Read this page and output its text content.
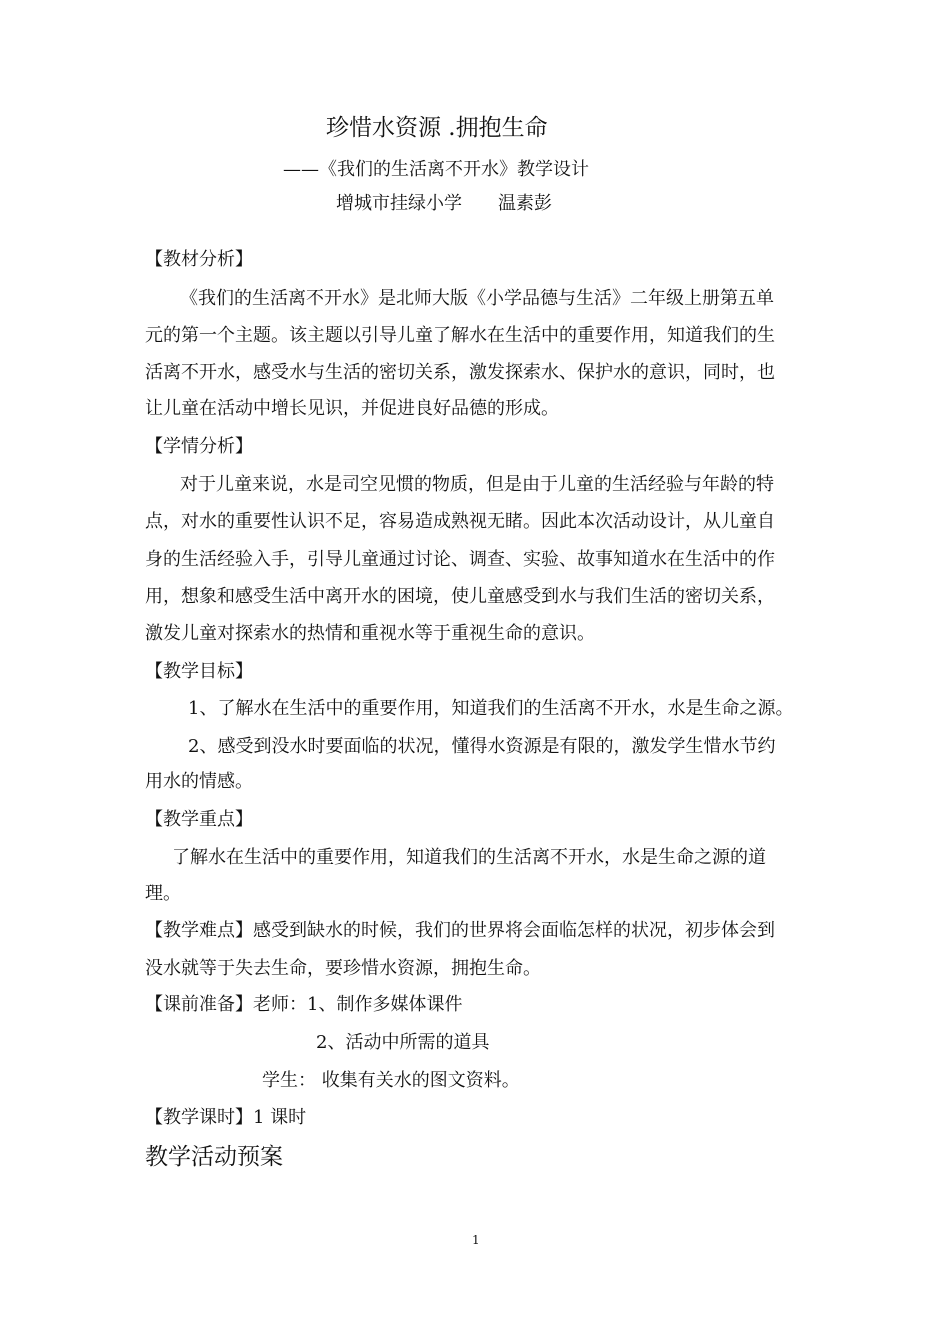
珍惜水资源 .拥抱生命
——《我们的生活离不开水》教学设计
增城市挂绿小学　　温素彭
【教材分析】
《我们的生活离不开水》是北师大版《小学品德与生活》二年级上册第五单
元的第一个主题。该主题以引导儿童了解水在生活中的重要作用，知道我们的生
活离不开水，感受水与生活的密切关系，激发探索水、保护水的意识，同时，也
让儿童在活动中增长见识，并促进良好品德的形成。
【学情分析】
对于儿童来说，水是司空见惯的物质，但是由于儿童的生活经验与年龄的特
点，对水的重要性认识不足，容易造成熟视无睹。因此本次活动设计，从儿童自
身的生活经验入手，引导儿童通过讨论、调查、实验、故事知道水在生活中的作
用，想象和感受生活中离开水的困境，使儿童感受到水与我们生活的密切关系，
激发儿童对探索水的热情和重视水等于重视生命的意识。
【教学目标】
1、了解水在生活中的重要作用，知道我们的生活离不开水，水是生命之源。
2、感受到没水时要面临的状况，懂得水资源是有限的，激发学生惜水节约
用水的情感。
【教学重点】
了解水在生活中的重要作用，知道我们的生活离不开水，水是生命之源的道
理。
【教学难点】感受到缺水的时候，我们的世界将会面临怎样的状况，初步体会到
没水就等于失去生命，要珍惜水资源，拥抱生命。
【课前准备】老师：1、制作多媒体课件
2、活动中所需的道具
学生： 收集有关水的图文资料。
【教学课时】1 课时
教学活动预案
1
